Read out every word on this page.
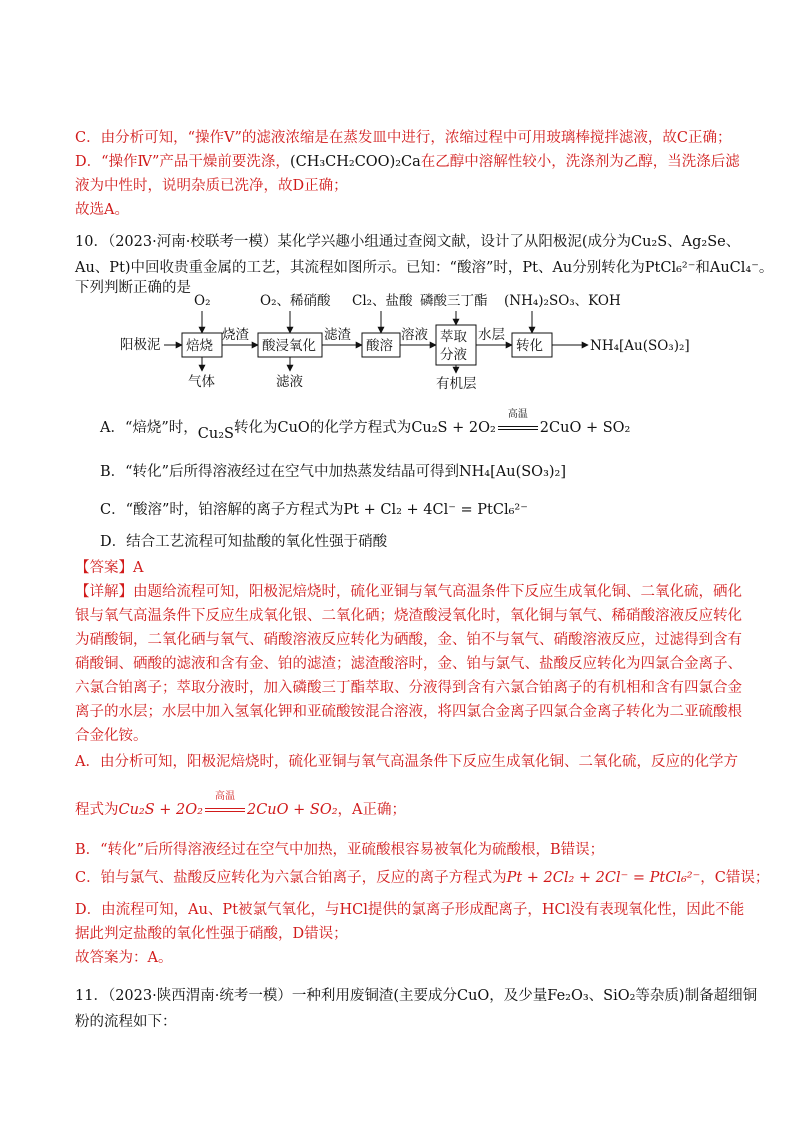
C．由分析可知，“操作Ⅴ”的滤液浓缩是在蒸发皿中进行，浓缩过程中可用玻璃棒搅拌滤液，故C正确；
D．“操作Ⅳ”产品干燥前要洗涤，(CH₃CH₂COO)₂Ca在乙醇中溶解性较小，洗涤剂为乙醇，当洗涤后滤
液为中性时，说明杂质已洗净，故D正确；
故选A。
10．（2023·河南·校联考一模）某化学兴趣小组通过查阅文献，设计了从阳极泥(成分为Cu₂S、Ag₂Se、
Au、Pt)中回收贵重金属的工艺，其流程如图所示。已知：“酸溶”时，Pt、Au分别转化为PtCl₆²⁻和AuCl₄⁻。
下列判断正确的是
阳极泥 焙烧
烧渣
酸浸氧化
滤渣
酸溶
溶液 萃取
分液
水层
转化	NH₄[Au(SO₃)₂]
O₂	O₂、稀硝酸 Cl₂、盐酸 磷酸三丁酯 (NH₄)₂SO₃、KOH
气体	滤液	有机层
A．“焙烧”时，Cu₂S转化为CuO的化学方程式为Cu₂S + 2O₂
高温
2CuO + SO₂
B．“转化”后所得溶液经过在空气中加热蒸发结晶可得到NH₄[Au(SO₃)₂]
C．“酸溶”时，铂溶解的离子方程式为Pt + Cl₂ + 4Cl⁻ = PtCl₆²⁻
D．结合工艺流程可知盐酸的氧化性强于硝酸
【答案】A
【详解】由题给流程可知，阳极泥焙烧时，硫化亚铜与氧气高温条件下反应生成氧化铜、二氧化硫，硒化
银与氧气高温条件下反应生成氧化银、二氧化硒；烧渣酸浸氧化时，氧化铜与氧气、稀硝酸溶液反应转化
为硝酸铜，二氧化硒与氧气、硝酸溶液反应转化为硒酸，金、铂不与氧气、硝酸溶液反应，过滤得到含有
硝酸铜、硒酸的滤液和含有金、铂的滤渣；滤渣酸溶时，金、铂与氯气、盐酸反应转化为四氯合金离子、
六氯合铂离子；萃取分液时，加入磷酸三丁酯萃取、分液得到含有六氯合铂离子的有机相和含有四氯合金
离子的水层；水层中加入氢氧化钾和亚硫酸铵混合溶液，将四氯合金离子四氯合金离子转化为二亚硫酸根
合金化铵。
A．由分析可知，阳极泥焙烧时，硫化亚铜与氧气高温条件下反应生成氧化铜、二氧化硫，反应的化学方
程式为Cu₂S + 2O₂
高温
2CuO + SO₂，A正确；
B．“转化”后所得溶液经过在空气中加热，亚硫酸根容易被氧化为硫酸根，B错误；
C．铂与氯气、盐酸反应转化为六氯合铂离子，反应的离子方程式为Pt + 2Cl₂ + 2Cl⁻ = PtCl₆²⁻，C错误；
D．由流程可知，Au、Pt被氯气氧化，与HCl提供的氯离子形成配离子，HCl没有表现氧化性，因此不能
据此判定盐酸的氧化性强于硝酸，D错误；
故答案为：A。
11．（2023·陕西渭南·统考一模）一种利用废铜渣(主要成分CuO，及少量Fe₂O₃、SiO₂等杂质)制备超细铜
粉的流程如下：
